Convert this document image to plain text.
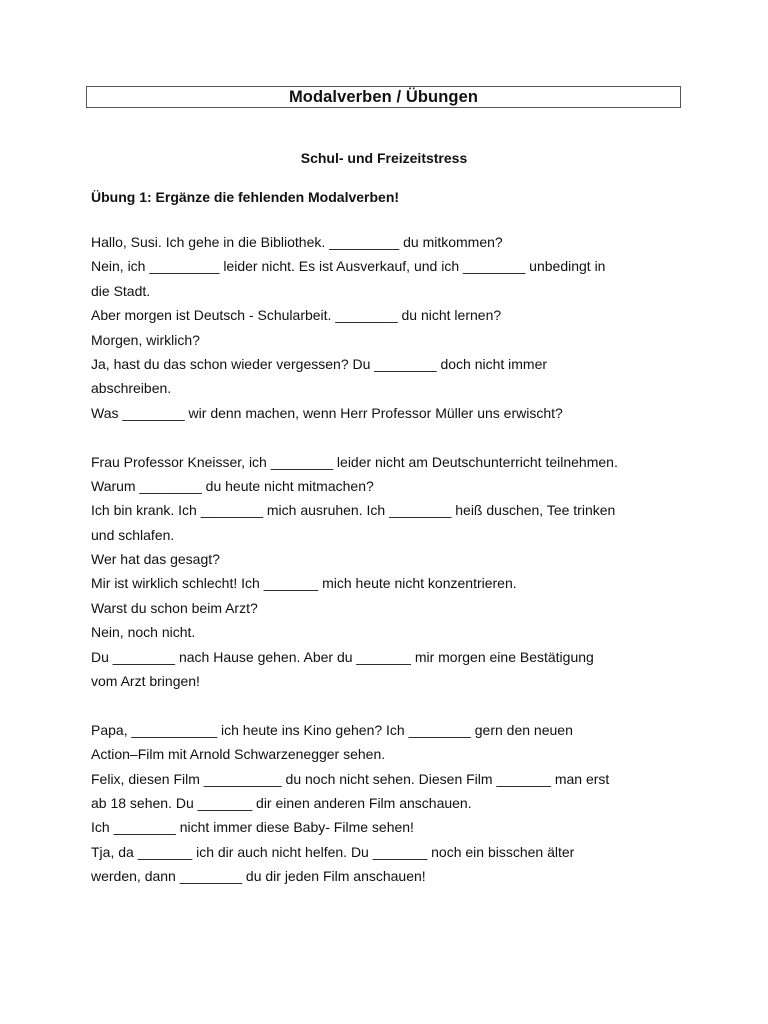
Modalverben / Übungen
Schul- und Freizeitstress
Übung 1: Ergänze die fehlenden Modalverben!
Hallo, Susi. Ich gehe in die Bibliothek. _________ du mitkommen?
Nein, ich _________ leider nicht. Es ist Ausverkauf, und ich ________ unbedingt in
die Stadt.
Aber morgen ist Deutsch - Schularbeit. ________ du nicht lernen?
Morgen, wirklich?
Ja, hast du das schon wieder vergessen? Du ________ doch nicht immer
abschreiben.
Was ________ wir denn machen, wenn Herr Professor Müller uns erwischt?
Frau Professor Kneisser, ich ________ leider nicht am Deutschunterricht teilnehmen.
Warum ________ du heute nicht mitmachen?
Ich bin krank. Ich ________ mich ausruhen. Ich ________ heiß duschen, Tee trinken
und schlafen.
Wer hat das gesagt?
Mir ist wirklich schlecht! Ich _______ mich heute nicht konzentrieren.
Warst du schon beim Arzt?
Nein, noch nicht.
Du ________ nach Hause gehen. Aber du _______ mir morgen eine Bestätigung
vom Arzt bringen!
Papa, ___________ ich heute ins Kino gehen? Ich ________ gern den neuen
Action–Film mit Arnold Schwarzenegger sehen.
Felix, diesen Film __________ du noch nicht sehen. Diesen Film _______ man erst
ab 18 sehen. Du _______ dir einen anderen Film anschauen.
Ich ________ nicht immer diese Baby- Filme sehen!
Tja, da _______ ich dir auch nicht helfen. Du _______ noch ein bisschen älter
werden, dann ________ du dir jeden Film anschauen!
